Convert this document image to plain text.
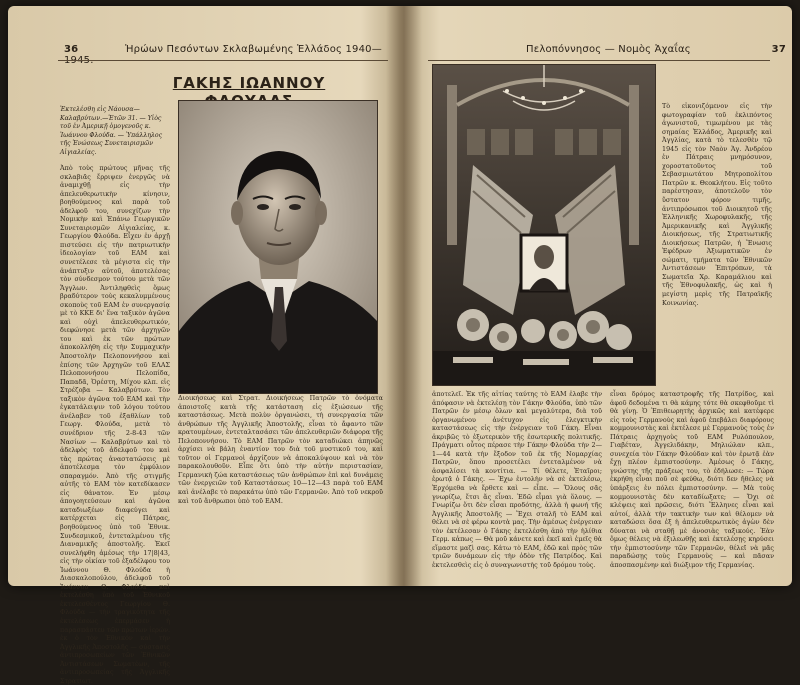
36	Ἡρώων Πεσόντων Σκλαβωμένης Ἑλλάδος 1940—
ΓΑΚΗΣ ΙΩΑΝΝΟΥ
Ἐκτελέσθη εἰς Νάουσα—Καλαβρύτων.—Ἐτῶν 31. — Υἱὸς τοῦ ἐν Ἀμερικῇ ὁμογενοῦς κ. Ἰωάννου Φλούδα. — Ὑπάλληλος τῆς Ἑνώσεως Συνεταιρισμῶν Αἰγιαλείας.
Ἀπὸ τοὺς πρώτους μῆνας τῆς σκλαβιᾶς ἔρριψεν ἐνεργῶς νὰ ἀναμιχθῇ εἰς τὴν ἀπελευθερωτικὴν κίνησιν, βοηθούμενος καὶ παρὰ τοῦ ἀδελφοῦ του, συνεχίζων τὴν Νομικὴν καὶ Ἐπάνω Γεωργικῶν Συνεταιρισμῶν Αἰγιαλείας, κ. Γεωργίου Φλούδα. Εἶχεν ἐν ἀρχῇ πιστεύσει εἰς τὴν πατριωτικὴν ἰδεολογίαν τοῦ ΕΑΜ καὶ συνετέλεσε τὰ μέγιστα εἰς τὴν ἀνάπτυξιν αὐτοῦ, ἀποτελέσας τὸν σύνδεσμον τούτου μετὰ τῶν Ἄγγλων. Ἀντιληφθεὶς ὅμως βραδύτερον τοὺς κεκαλυμμένους σκοποὺς τοῦ ΕΑΜ ἐν συνεργασίᾳ μὲ τὸ ΚΚΕ δι' ἕνα ταξικὸν ἀγῶνα καὶ οὐχὶ ἀπελευθερωτικόν, διεφώνησε μετὰ τῶν ἀρχηγῶν του καὶ ἐκ τῶν πρώτων ἀποκολλήθη εἰς τὴν Συμμαχικὴν Ἀποστολὴν Πελοποννήσου καὶ ἐπίσης τῶν Ἀρχηγῶν τοῦ ΕΛΑΣ Πελοποννήσου Πελοπίδα, Παπαδᾶ, Ὀρέστη, Μίχου κλπ. εἰς Στρέζοβα — Καλαβρύτων. Τὸν ταξικὸν ἀγῶνα τοῦ ΕΑΜ καὶ τὴν ἐγκατάλειψιν τοῦ λόγου τούτου ἀνέλαβεν τοῦ ἐξαθλίων τοῦ Γεωργ. Φλούδα, μετὰ τὸ συνέδριον τῆς 2-8-43 τῶν Νασίων — Καλαβρύτων καὶ τὸ ἀδελφὸς τοῦ ἀδελφοῦ του καὶ τὰς πρώτας ἀναστατώσεις μὲ ἀποτέλεσμα τὸν ἐμφύλιον σπαραγμόν. Ἀπὸ τῆς στιγμῆς αὐτῆς τὸ ΕΑΜ τὸν κατεδίκασεν εἰς θάνατον. Ἐν μέσῳ ἀπογοητεύσεων καὶ ἀγῶνα καταδιωξέων διαφεύγει καὶ κατέρχεται εἰς Πάτρας, βοηθούμενος ὑπὸ τοῦ Ἐθνικ. Συνδεσμικοῦ, ἐντεταλμένου τῆς Διαναμικῆς ἀποστολῆς. Ἐκεῖ συνελήφθη ἀμέσως τὴν 17|8|43, εἰς τὴν οἰκίαν τοῦ ἐξαδέλφου του Ἰωάννου Θ. Φλούδα ἡ Διασκαλοπούλου, ἀδελφοῦ τοῦ Ἰωάννου Θ. Φλούδα καὶ ἐκτελέσθη ὑπὸ τοῦ Ἐθνικοῦ ἐκτελεσθέντος Γεωργίου Θ. Φλούδα — τὴν τραγικότητα τῆς ἐκτελέσεως ἐπερμάσεν ἡ παρασπάστευ τῶν πρώτων ἱερών. ἐκ ὁ τὸν Ἐθνικόν καὶ τὴν Ἀγγλικῆς Ἀποστολῆς — σύστασις ἀντιπροσωπείων τῶν Ἐθνικῶν Ἀντιστάσεων Σωματέων, τῆς ἀντιπροσωπείας τῆς Ἀγγλικῆς Στρατιωτ.
Διοικήσεως καὶ Στρατ. Διοικήσεως Πατρῶν τὸ ὀνόματα ἀποιστοῖς κατὰ τῆς κατάσταση εἰς ἐξιώσεων τῆς καταστάσεως. Μετὰ πολὺν ὀργανώσει, τὴ συνεργασία τῶν ἀνθρώπων τῆς Ἀγγλικῆς Ἀποστολῆς, εἶναι τὸ ἄφαντο τῶν κρατουμένων, ἐντεταλτασάσει τῶν ἀπελευθεριῶν διάφορα τῆς Πελοποννήσου. Τὸ ΕΑΜ Πατρῶν τὸν καταδιώκει ἀπηνῶς ἀρχίσει νὰ βάλη ἐναντίον του διὰ τοῦ μυστικοῦ του, καὶ τοῦτον οἱ Γερμανοὶ ἀρχίζουν νὰ ἀποκαλύψουν καὶ νὰ τὸν παρακολουθοῦν. Εἶπε ὅτι ὑπὸ τὴν αὐτὴν περιστασίαν, Γερμανικὴ ζώα καταστάσεως τῶν ἀνθρώπων ἐπὶ καὶ δυνάμεις τῶν ἐνεργειῶν τοῦ Καταστάσεως 10—12—43 παρὰ τοῦ ΕΑΜ καὶ ἀνέλαβε τὸ παρακάτω ὑπὸ τῶν Γερμανῶν. Ἀπὸ τοῦ νεκροῦ καὶ τοῦ ἄνθρωποι ὑπὸ τοῦ ΕΑΜ.
Πελοπόννησος — Νομὸς Ἀχαΐας	37
Τὸ εἰκονιζόμενον εἰς τὴν φωτογραφίαν τοῦ ἐκλιπόντος ἀγωνιστοῦ, τιμωμένου με τὰς σημαίας Ἑλλάδος, Ἀμερικῆς καὶ Ἀγγλίας, κατὰ τὸ τελεσθὲν τῷ 1945 εἰς τὸν Ναὸν Ἁγ. Ἀνδρέου ἐν Πάτραις μνημόσυνον, χοροστατοῦντος τοῦ Σεβασμιωτάτου Μητροπολίτου Πατρῶν κ. Θεοκλήτου. Εἰς τοῦτο παρέστησαν, ἀποτελοῦν τὸν ὕστατον φόρον τιμῆς, ἀντιπρόσωποι τοῦ Διοικητοῦ τῆς Ἑλληνικῆς Χωροφυλακῆς, τῆς Ἀμερικανικῆς καὶ Ἀγγλικῆς Διοικήσεως, τῆς Στρατιωτικῆς Διοικήσεως Πατρῶν, ἡ Ἕνωσις Ἐφέδρων Ἀξιωματικῶν ἐν σώματι, τμήματα τῶν Ἐθνικῶν Ἀντιστάσεων Ἐπιτρόπων, τὰ Σωματεῖα Χρ. Καραμάλιου καὶ τῆς Ἐθνοφυλακῆς, ὡς καὶ ἡ μεγίστη μερὶς τῆς Πατραϊκῆς Κοινωνίας.
ἀποτελεῖ. Ἐκ τῆς αἰτίας ταύτης τὸ ΕΑΜ ἐλαβε τὴν ἀπόφασιν νὰ ἐκτελέσῃ τὸν Γάκην Φλούδα, ὑπὸ τῶν Πατρῶν ἐν μέσῳ ὅλων καὶ μεγαλύτερα, διὰ τοῦ ὀργανωμένου ἀνέτυχον εἰς ἐλεγκτικὴν καταστάσεως εἰς τὴν ἐνέργειαν τοῦ Γάκη. Εἶναι ἀκριβῶς τὸ ἐξωτερικὸν τῆς ἐσωτερικῆς πολιτικῆς. Πράγματι οὗτος πέρασε τὴν Γάκην Φλούδα τὴν 2—1—44 κατὰ τὴν ἔξοδον τοῦ ἐκ τῆς Νομαρχίας Πατρῶν, ὅπου προσετέλει ἐντεταλμένον νὰ ἀσφαλίσει τὰ κοντίτια. — Τί θέλετε, Ἑταῖροι; ἐρωτᾷ ὁ Γάκης. — Ἐχω ἐντολὴν νὰ σὲ ἐκτελέσω, Ἐρχόμεθα νὰ ἔρθετε καὶ — εἶπε. — Ὅλους σᾶς γνωρίζω, ἔτσι ἄς εἶναι. Ἐδῶ εἶμαι γιὰ ὅλους. — Γνωρίζω ὅτι δὲν εἶσαι προδότης, ἀλλὰ ἡ φωνή τῆς Ἀγγλικῆς Ἀποστολῆς — Ἔχει σταλῆ τὸ ΕΑΜ καὶ θέλει νὰ σὲ φέρω κοντὰ μας. Τὴν ἀμέσως ἐνέργειαν τὸν ἐκτέλεσαν ὁ Γάκης ἐκτελέσθη ἀπὸ τὴν ἡλίθια Γερμ. κἀπως — Θὰ μοῦ κάνετε καὶ ἐκεῖ καὶ ἐμεῖς θὰ εἴμαστε μαζὶ σας. Κάτω τὸ ΕΑΜ, ἐδῶ καὶ πρὸς τῶν τριῶν δυνάμεων εἰς τὴν ὁδὸν τῆς Πατρίδος. Καὶ ἐκτελεσθεὶς εἰς ὁ συναγωνιστὴς τοῦ δρόμου τοὺς.
εἶναι δρόμος καταστροφῆς τῆς Πατρίδος, καὶ ἀφοῦ δεδομένα τι θὰ κάμης τότε θὰ σκεφθοῦμε τὶ θὰ γίνῃ. Ὁ Ἐπιθεωρητὴς ἀρχικῶς καὶ κατέφερε εἰς τοὺς Γερμανοὺς καὶ ἀφοῦ ἐπεβάλει διαφόρους κομμουνιστὰς καὶ ἐκτέλεσε μὲ Γερμανοὺς τοὺς ἐν Πάτραις ἀρχηγοὺς τοῦ ΕΑΜ Ρυλόπουλον, Γιαβέταν, Ἀγγελιδάκην, Μηλιώλαν κλπ., συνεχεία τὸν Γάκην Φλούδαν καὶ τὸν ἐρωτᾷ ἐὰν ἔχῃ πλέον ἐμπιστοσύνην. Ἀμέσως ὁ Γάκης, γνώστης τῆς πράξεως του, τὸ ἐδήλωσε: — Τώρα ἐκρήθη εἶναι ποῦ σὲ φεύθω, διότι δεν ἤθελες νὰ ὑπάρξεις ἐν πόλει ἐμπιστοσύνην. — Μὰ τοὺς κομμουνιστὰς δὲν καταδίωξατε; — Ὄχι σὲ κλέψεις καὶ πρῶσεις, διότι Ἕλληνες εἶναι καὶ αὐτοί, ἀλλὰ τὴν τακτικὴν των καὶ θέλομεν νὰ καταδώσει ὅσα ἐξ ἡ ἀπελευθερωτικὸς ἀγὼν δὲν δύναται νὰ σταθῇ μὲ ἀνοσιὰς ταξικούς. Ἐὰν ὅμως θέλεις νὰ ἐξιλεωθῇς καὶ ἐκτελέσῃς κηρύσει τὴν ἐμπιστοσύνην τῶν Γερμανῶν, θέλεῖ νὰ μᾶς παραδώσῃς τοὺς Γερμανοὺς — καὶ πᾶσαν ἀποσπασμένην καὶ διώξιμον τῆς Γερμανίας.
